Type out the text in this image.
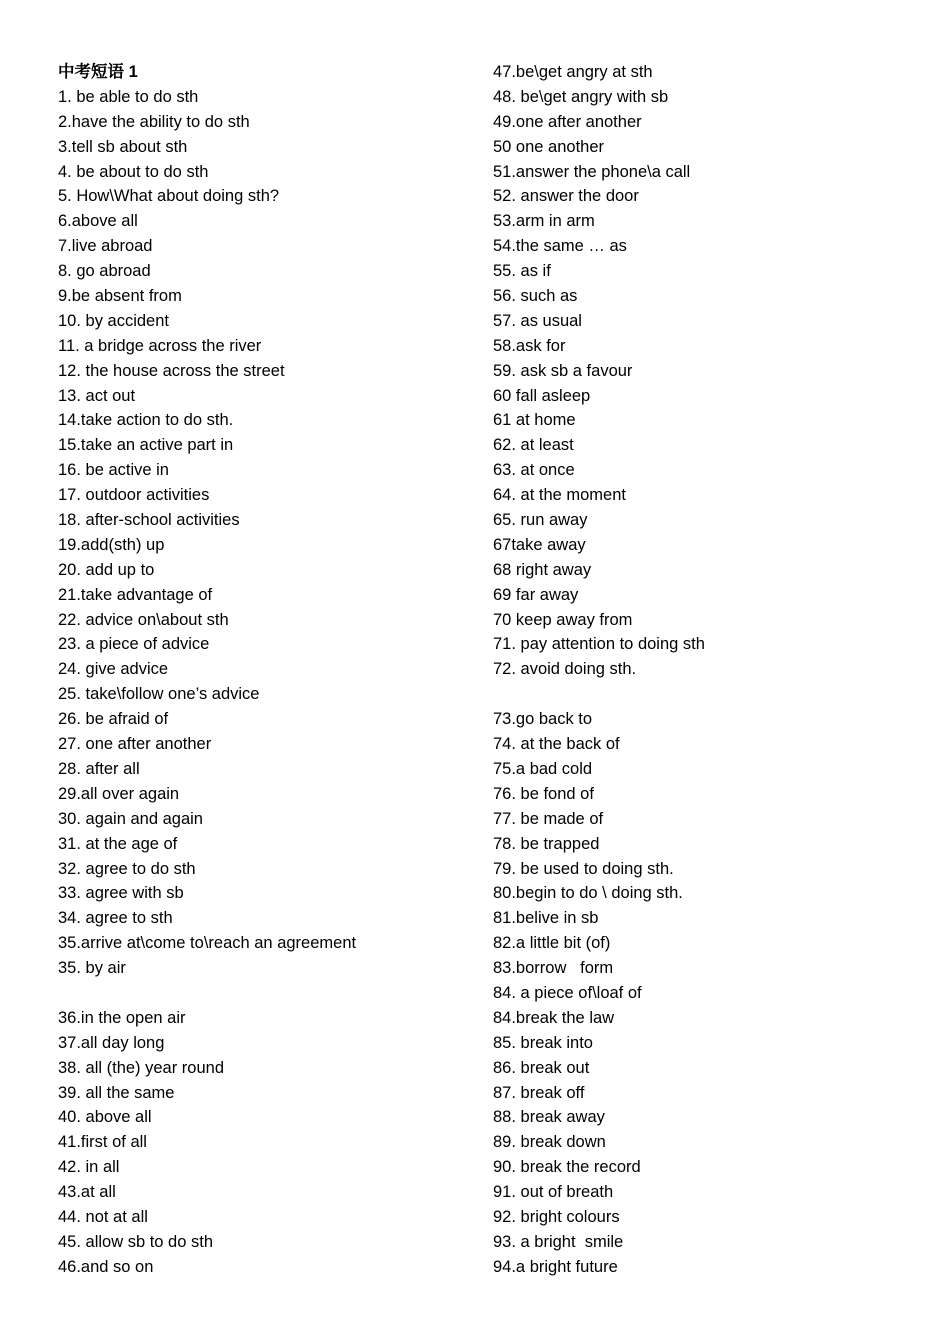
中考短语 1
1. be able to do sth
2.have the ability to do sth
3.tell sb about sth
4. be about to do sth
5. How\What about doing sth?
6.above all
7.live abroad
8. go abroad
9.be absent from
10. by accident
11. a bridge across the river
12. the house across the street
13. act out
14.take action to do sth.
15.take an active part in
16. be active in
17. outdoor activities
18. after-school activities
19.add(sth) up
20. add up to
21.take advantage of
22. advice on\about sth
23. a piece of advice
24. give advice
25. take\follow one’s advice
26. be afraid of
27. one after another
28. after all
29.all over again
30. again and again
31. at the age of
32. agree to do sth
33. agree with sb
34. agree to sth
35.arrive at\come to\reach an agreement
35. by air
36.in the open air
37.all day long
38. all (the) year round
39. all the same
40. above all
41.first of all
42. in all
43.at all
44. not at all
45. allow sb to do sth
46.and so on
47.be\get angry at sth
48. be\get angry with sb
49.one after another
50 one another
51.answer the phone\a call
52. answer the door
53.arm in arm
54.the same … as
55. as if
56. such as
57. as usual
58.ask for
59. ask sb a favour
60 fall asleep
61 at home
62. at least
63. at once
64. at the moment
65. run away
67take away
68 right away
69 far away
70 keep away from
71. pay attention to doing sth
72. avoid doing sth.
73.go back to
74. at the back of
75.a bad cold
76. be fond of
77. be made of
78. be trapped
79. be used to doing sth.
80.begin to do \ doing sth.
81.belive in sb
82.a little bit (of)
83.borrow   form
84. a piece of\loaf of
84.break the law
85. break into
86. break out
87. break off
88. break away
89. break down
90. break the record
91. out of breath
92. bright colours
93. a bright  smile
94.a bright future
